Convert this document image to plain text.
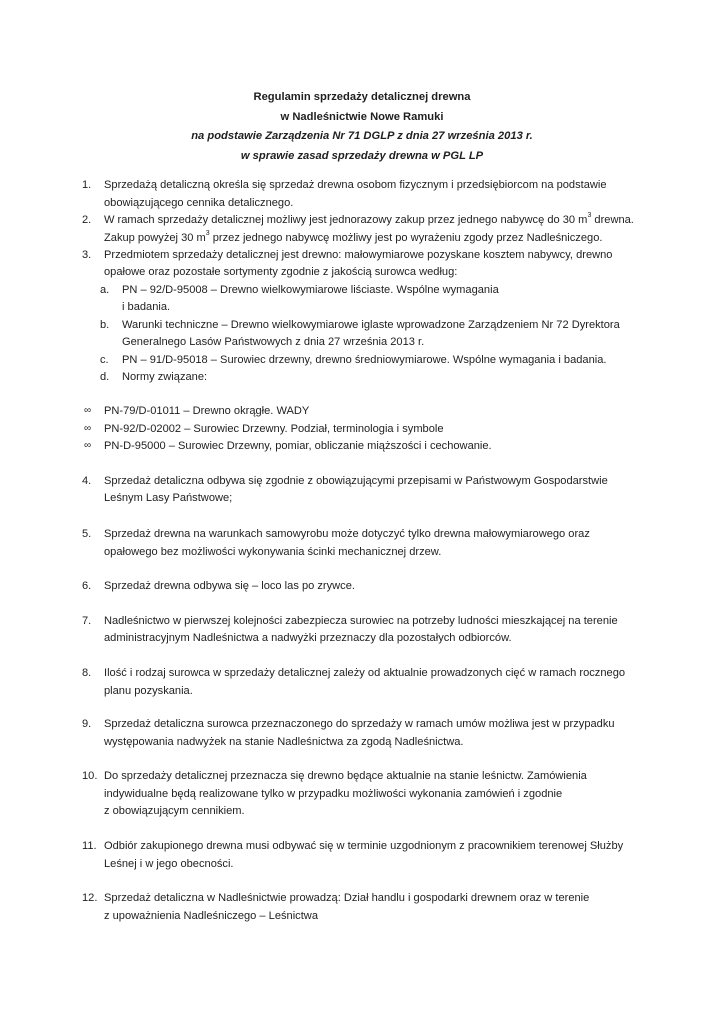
Regulamin sprzedaży detalicznej drewna
w Nadleśnictwie Nowe Ramuki
na podstawie Zarządzenia Nr 71 DGLP z dnia 27 września 2013 r.
w sprawie zasad sprzedaży drewna w PGL LP
1. Sprzedażą detaliczną określa się sprzedaż drewna osobom fizycznym i przedsiębiorcom na podstawie
obowiązującego cennika detalicznego.
2. W ramach sprzedaży detalicznej możliwy jest jednorazowy zakup przez jednego nabywcę do 30 $m^3$ drewna.
Zakup powyżej 30 $m^3$ przez jednego nabywcę możliwy jest po wyrażeniu zgody przez Nadleśniczego.
3. Przedmiotem sprzedaży detalicznej jest drewno: małowymiarowe pozyskane kosztem nabywcy, drewno
opałowe oraz pozostałe sortymenty zgodnie z jakością surowca według:
a. PN – 92/D-95008 – Drewno wielkowymiarowe liściaste. Wspólne wymagania
i badania.
b. Warunki techniczne – Drewno wielkowymiarowe iglaste wprowadzone Zarządzeniem Nr 72 Dyrektora
Generalnego Lasów Państwowych z dnia 27 września 2013 r.
c. PN – 91/D-95018 – Surowiec drzewny, drewno średniowymiarowe. Wspólne wymagania i badania.
d. Normy związane:
∞ PN-79/D-01011 – Drewno okrągłe. WADY
∞ PN-92/D-02002 – Surowiec Drzewny. Podział, terminologia i symbole
∞ PN-D-95000 – Surowiec Drzewny, pomiar, obliczanie miąższości i cechowanie.
4. Sprzedaż detaliczna odbywa się zgodnie z obowiązującymi przepisami w Państwowym Gospodarstwie
Leśnym Lasy Państwowe;
5. Sprzedaż drewna na warunkach samowyrobu może dotyczyć tylko drewna małowymiarowego oraz
opałowego bez możliwości wykonywania ścinki mechanicznej drzew.
6. Sprzedaż drewna odbywa się – loco las po zrywce.
7. Nadleśnictwo w pierwszej kolejności zabezpiecza surowiec na potrzeby ludności mieszkającej na terenie
administracyjnym Nadleśnictwa a nadwyżki przeznaczy dla pozostałych odbiorców.
8. Ilość i rodzaj surowca w sprzedaży detalicznej zależy od aktualnie prowadzonych cięć w ramach rocznego
planu pozyskania.
9. Sprzedaż detaliczna surowca przeznaczonego do sprzedaży w ramach umów możliwa jest w przypadku
występowania nadwyżek na stanie Nadleśnictwa za zgodą Nadleśnictwa.
10. Do sprzedaży detalicznej przeznacza się drewno będące aktualnie na stanie leśnictw. Zamówienia
indywidualne będą realizowane tylko w przypadku możliwości wykonania zamówień i zgodnie
z obowiązującym cennikiem.
11. Odbiór zakupionego drewna musi odbywać się w terminie uzgodnionym z pracownikiem terenowej Służby
Leśnej i w jego obecności.
12. Sprzedaż detaliczna w Nadleśnictwie prowadzą: Dział handlu i gospodarki drewnem oraz w terenie
z upoważnienia Nadleśniczego – Leśnictwa
